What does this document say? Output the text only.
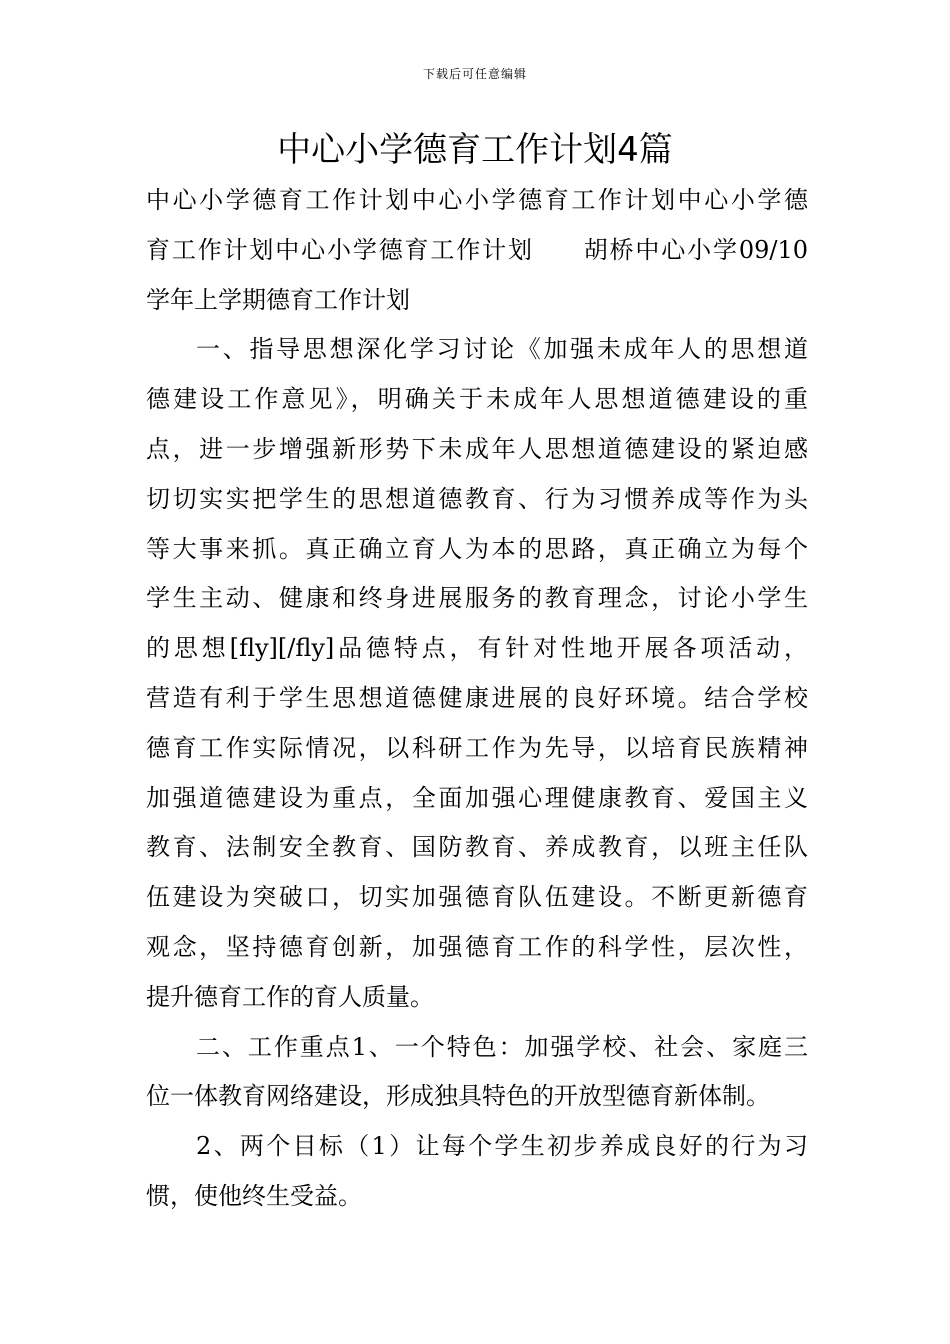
下载后可任意编辑
中心小学德育工作计划4篇
中心小学德育工作计划中心小学德育工作计划中心小学德
育工作计划中心小学德育工作计划 胡桥中心小学09/10
学年上学期德育工作计划
一、指导思想深化学习讨论《加强未成年人的思想道
德建设工作意见》，明确关于未成年人思想道德建设的重
点，进一步增强新形势下未成年人思想道德建设的紧迫感
切切实实把学生的思想道德教育、行为习惯养成等作为头
等大事来抓。真正确立育人为本的思路，真正确立为每个
学生主动、健康和终身进展服务的教育理念，讨论小学生
的思想[fly][/fly]品德特点，有针对性地开展各项活动，
营造有利于学生思想道德健康进展的良好环境。结合学校
德育工作实际情况，以科研工作为先导，以培育民族精神
加强道德建设为重点，全面加强心理健康教育、爱国主义
教育、法制安全教育、国防教育、养成教育，以班主任队
伍建设为突破口，切实加强德育队伍建设。不断更新德育
观念，坚持德育创新，加强德育工作的科学性，层次性，
提升德育工作的育人质量。
二、工作重点1、一个特色：加强学校、社会、家庭三
位一体教育网络建设，形成独具特色的开放型德育新体制。
2、两个目标（1）让每个学生初步养成良好的行为习
惯，使他终生受益。
